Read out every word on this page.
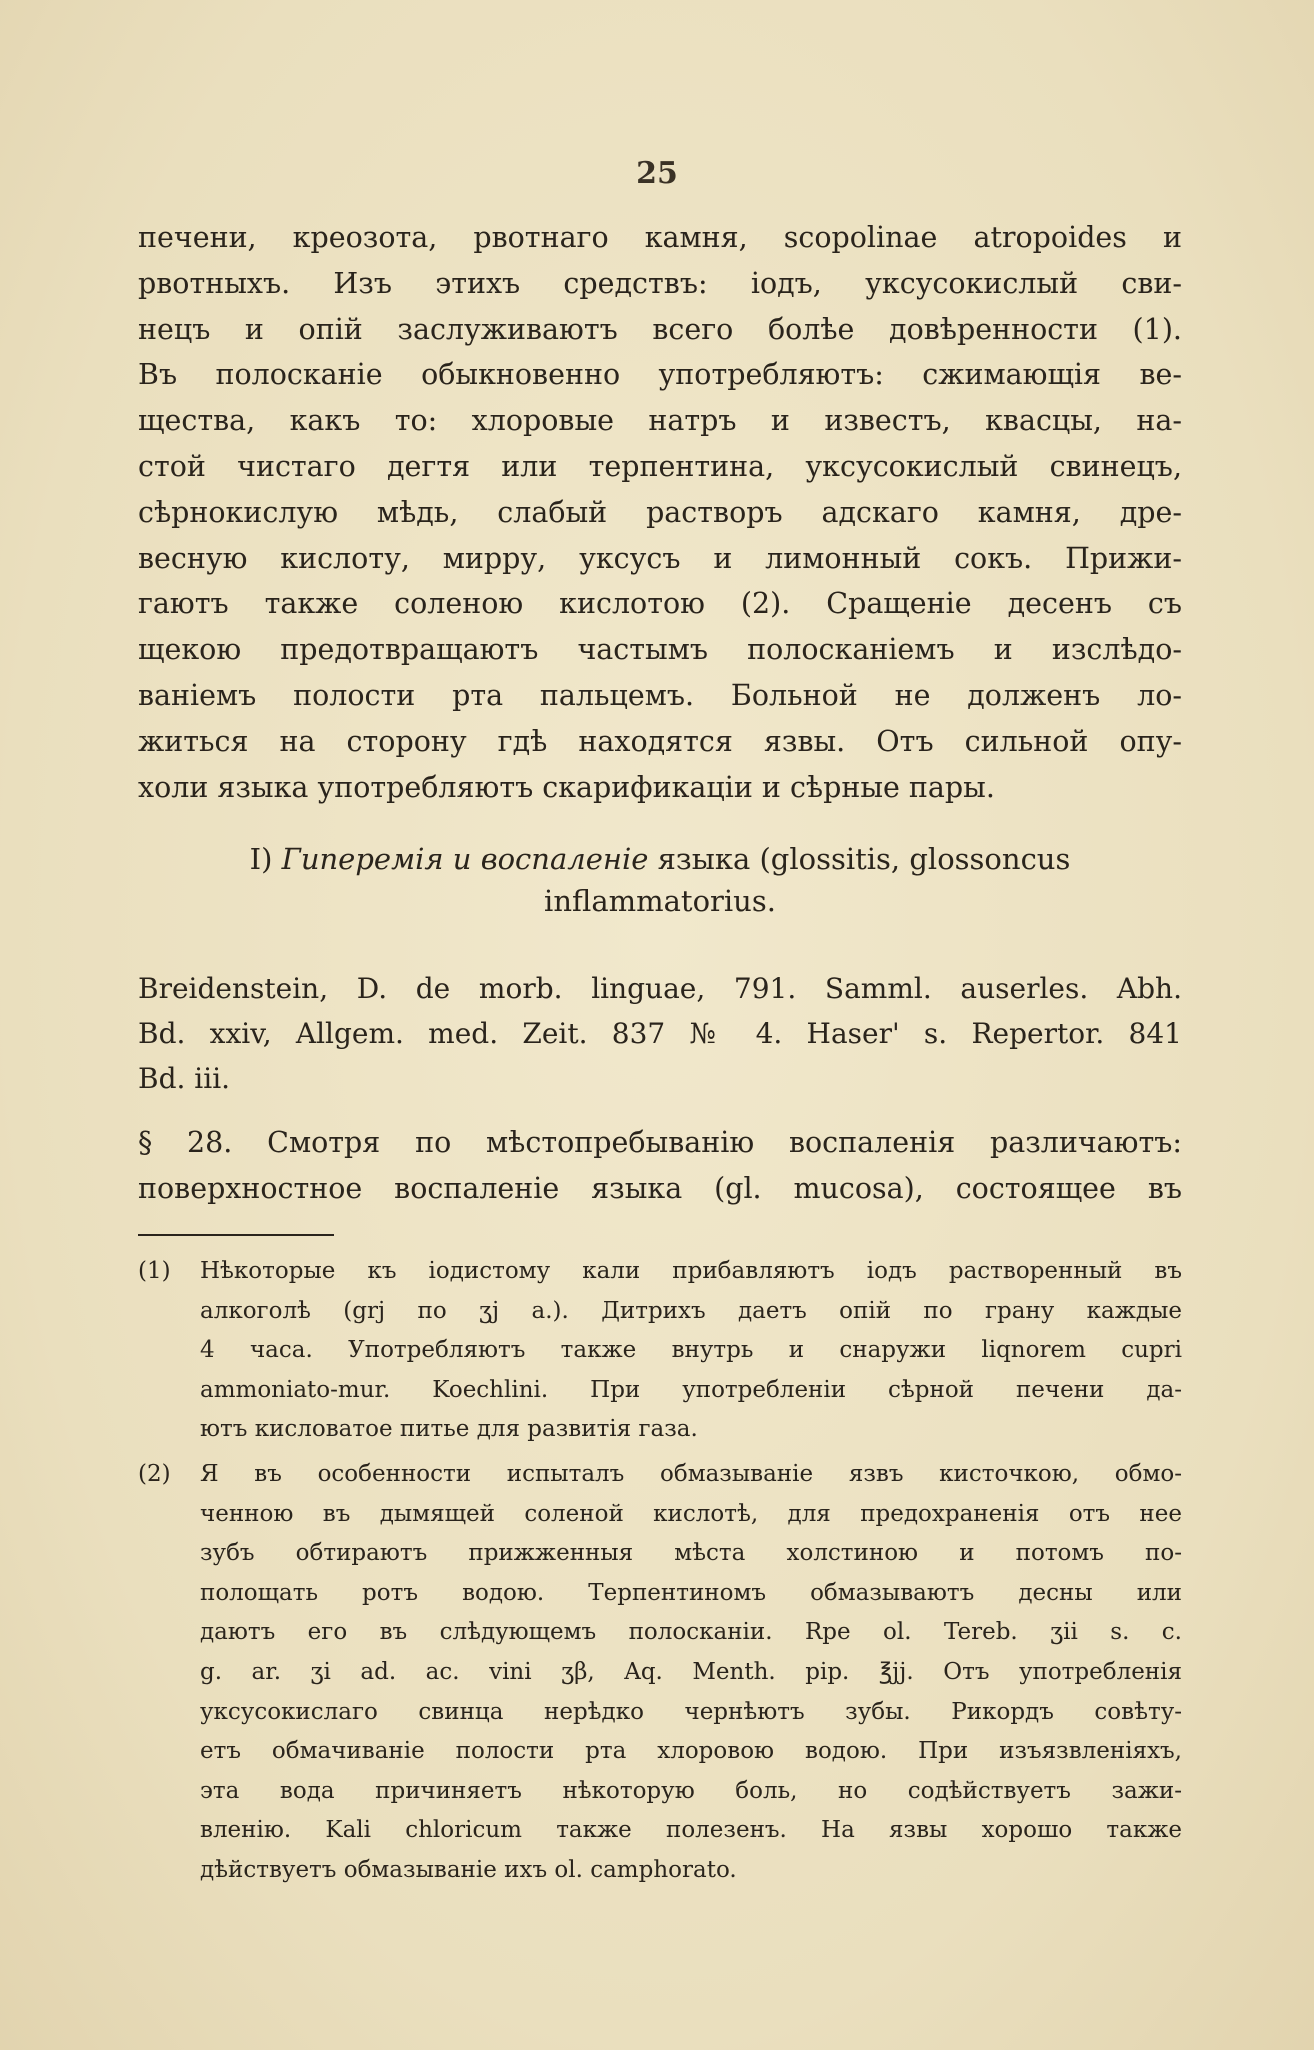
25

печени, креозота, рвотнаго камня, scopolinae atropoides и
рвотныхъ. Изъ этихъ средствъ: іодъ, уксусокислый сви-
нецъ и опій заслуживаютъ всего болѣе довѣренности (1).
Въ полосканіе обыкновенно употребляютъ: сжимающія ве-
щества, какъ то: хлоровые натръ и известъ, квасцы, на-
стой чистаго дегтя или терпентина, уксусокислый свинецъ,
сѣрнокислую мѣдь, слабый растворъ адскаго камня, дре-
весную кислоту, мирру, уксусъ и лимонный сокъ. Прижи-
гаютъ также соленою кислотою (2). Сращеніе десенъ съ
щекою предотвращаютъ частымъ полосканіемъ и изслѣдо-
ваніемъ полости рта пальцемъ. Больной не долженъ ло-
житься на сторону гдѣ находятся язвы. Отъ сильной опу-
холи языка употребляютъ скарификаціи и сѣрные пары.

I) Гиперемія и воспаленіе языка (glossitis, glossoncus
inflammatorius.
Breidenstein, D. de morb. linguae, 791. Samml. auserles. Abh.
Bd. xxiv, Allgem. med. Zeit. 837 № 4. Haser' s. Repertor. 841
Bd. iii.
§ 28. Смотря по мѣстопребыванію воспаленія различаютъ:
поверхностное воспаленіе языка (gl. mucosa), состоящее въ
(1) Нѣкоторые къ іодистому кали прибавляютъ іодъ растворенный въ
алкоголѣ (grj по ʒj a.). Дитрихъ даетъ опій по грану каждые
4 часа. Употребляютъ также внутрь и снаружи liqnorem cupri
ammoniato-mur. Koechlini. При употребленіи сѣрной печени да-
ютъ кисловатое питье для развитія газа.
(2) Я въ особенности испыталъ обмазываніе язвъ кисточкою, обмо-
ченною въ дымящей соленой кислотѣ, для предохраненія отъ нее
зубъ обтираютъ прижженныя мѣста холстиною и потомъ по-
полощать ротъ водою. Терпентиномъ обмазываютъ десны или
даютъ его въ слѣдующемъ полосканіи. Rpe ol. Tereb. ʒii s. c.
g. ar. ʒi ad. ac. vini ʒβ, Aq. Menth. pip. ℥jj. Отъ употребленія
уксусокислаго свинца нерѣдко чернѣютъ зубы. Рикордъ совѣту-
етъ обмачиваніе полости рта хлоровою водою. При изъязвленіяхъ,
эта вода причиняетъ нѣкоторую боль, но содѣйствуетъ зажи-
вленію. Kali chloricum также полезенъ. На язвы хорошо также
дѣйствуетъ обмазываніе ихъ ol. camphorato.
